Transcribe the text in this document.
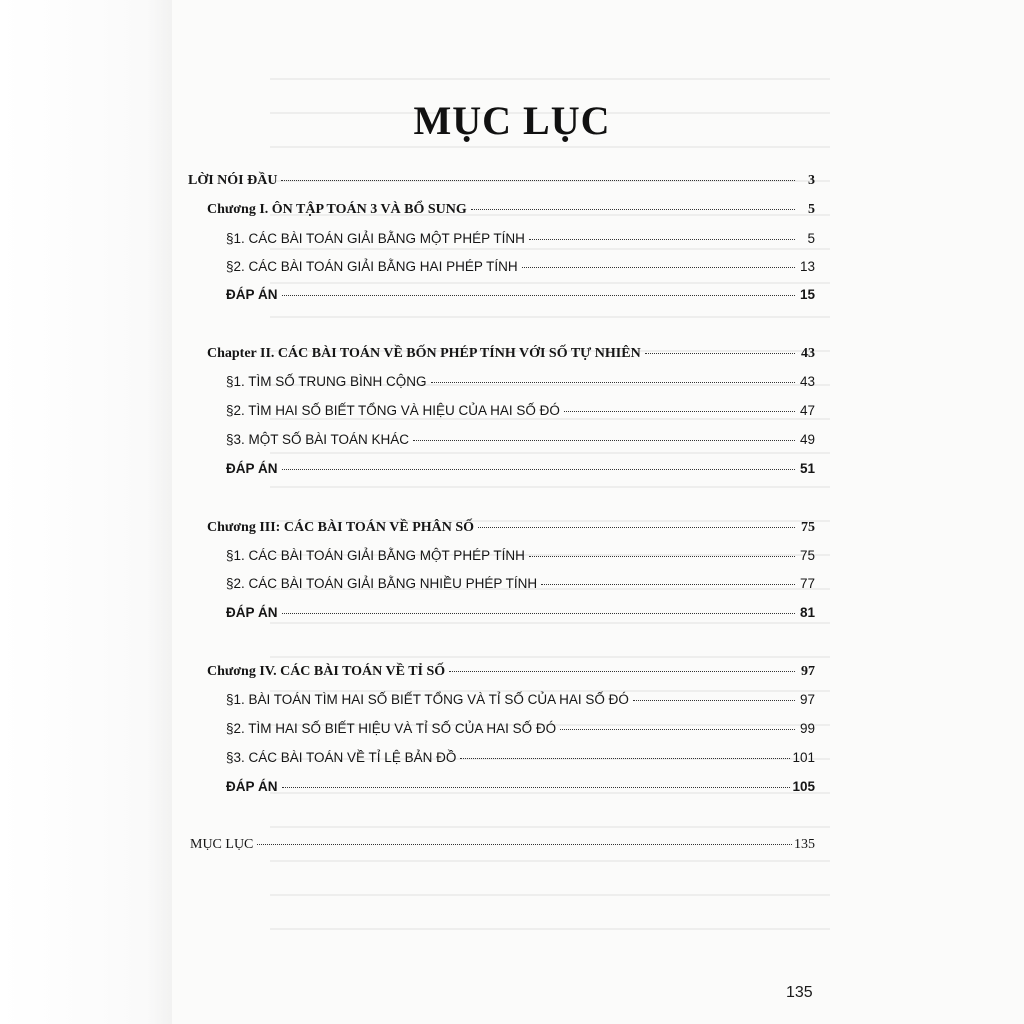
MỤC LỤC
LỜI NÓI ĐẦU	3
Chương I. ÔN TẬP TOÁN 3 VÀ BỔ SUNG	5
§1. CÁC BÀI TOÁN GIẢI BẰNG MỘT PHÉP TÍNH	5
§2. CÁC BÀI TOÁN GIẢI BẰNG HAI PHÉP TÍNH	13
ĐÁP ÁN	15
Chapter II. CÁC BÀI TOÁN VỀ BỐN PHÉP TÍNH VỚI SỐ TỰ NHIÊN	43
§1. TÌM SỐ TRUNG BÌNH CỘNG	43
§2. TÌM HAI SỐ BIẾT TỔNG VÀ HIỆU CỦA HAI SỐ ĐÓ	47
§3. MỘT SỐ BÀI TOÁN KHÁC	49
ĐÁP ÁN	51
Chương III: CÁC BÀI TOÁN VỀ PHÂN SỐ	75
§1. CÁC BÀI TOÁN GIẢI BẰNG MỘT PHÉP TÍNH	75
§2. CÁC BÀI TOÁN GIẢI BẰNG NHIỀU PHÉP TÍNH	77
ĐÁP ÁN	81
Chương IV. CÁC BÀI TOÁN VỀ TỈ SỐ	97
§1. BÀI TOÁN TÌM HAI SỐ BIẾT TỔNG VÀ TỈ SỐ CỦA HAI SỐ ĐÓ	97
§2. TÌM HAI SỐ BIẾT HIỆU VÀ TỈ SỐ CỦA HAI SỐ ĐÓ	99
§3. CÁC BÀI TOÁN VỀ TỈ LỆ BẢN ĐỒ	101
ĐÁP ÁN	105
MỤC LỤC	135
135
